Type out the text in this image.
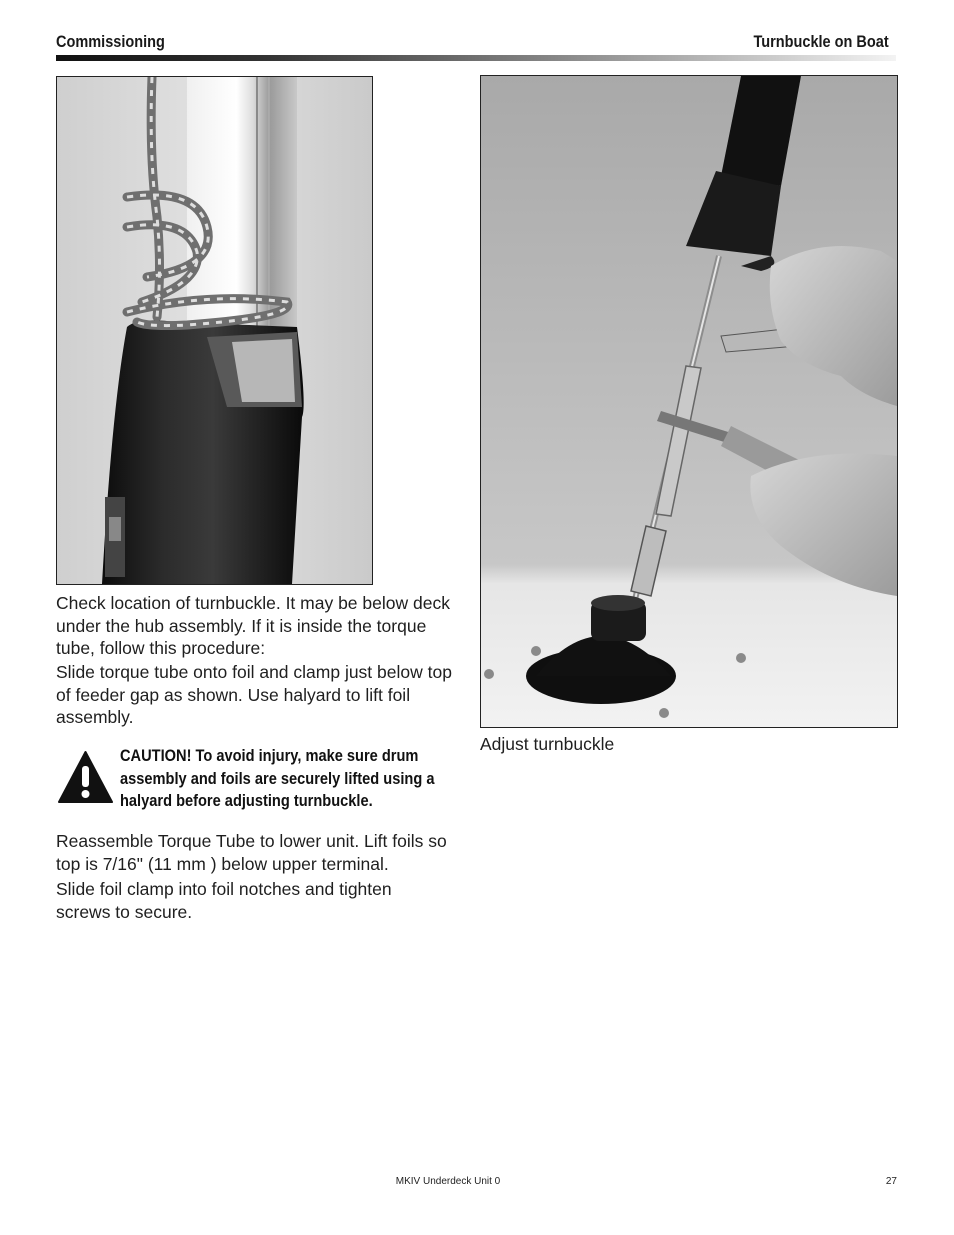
Commissioning	Turnbuckle on Boat
Check location of turnbuckle. It may be below deck under the hub assembly. If it is inside the torque tube, follow this procedure:
Slide torque tube onto foil and clamp just below top of feeder gap as shown. Use halyard to lift foil assembly.
CAUTION! To avoid injury, make sure drum assembly and foils are securely lifted using a halyard before adjusting turnbuckle.
Reassemble Torque Tube to lower unit. Lift foils so top is 7/16" (11 mm ) below upper terminal.
Slide foil clamp into foil notches and tighten screws to secure.
Adjust turnbuckle
MKIV Underdeck Unit 0	27
